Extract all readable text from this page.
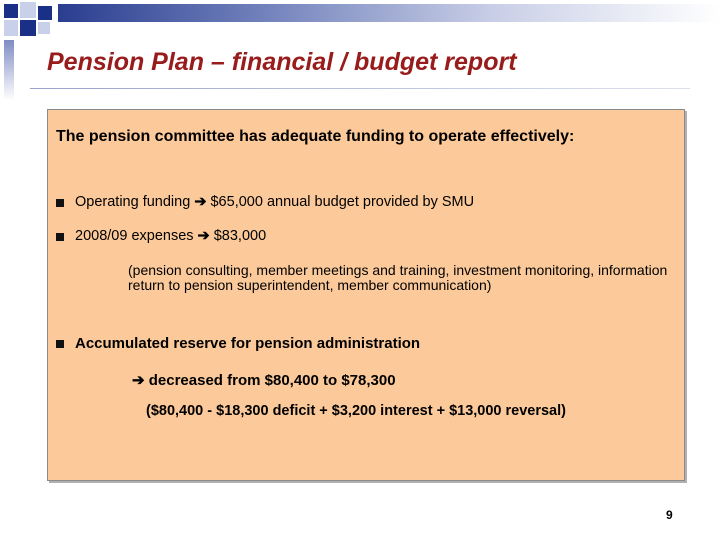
Pension Plan – financial / budget report
The pension committee has adequate funding to operate effectively:
Operating funding ➔ $65,000 annual budget provided by SMU
2008/09 expenses ➔ $83,000
(pension consulting, member meetings and training, investment monitoring, information return to pension superintendent, member communication)
Accumulated reserve for pension administration
➔ decreased from $80,400 to $78,300
($80,400 - $18,300 deficit + $3,200 interest + $13,000 reversal)
9
